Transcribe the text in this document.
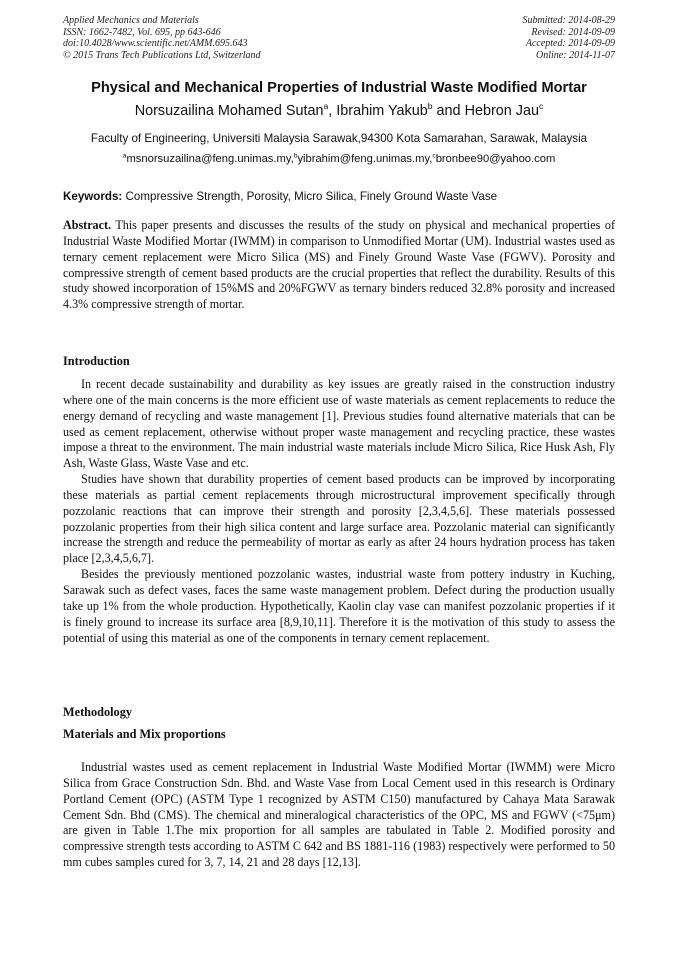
Applied Mechanics and Materials
ISSN: 1662-7482, Vol. 695, pp 643-646
doi:10.4028/www.scientific.net/AMM.695.643
© 2015 Trans Tech Publications Ltd, Switzerland
Submitted: 2014-08-29
Revised: 2014-09-09
Accepted: 2014-09-09
Online: 2014-11-07
Physical and Mechanical Properties of Industrial Waste Modified Mortar
Norsuzailina Mohamed Sutan$^a$, Ibrahim Yakub$^b$ and Hebron Jau$^c$
Faculty of Engineering, Universiti Malaysia Sarawak,94300 Kota Samarahan, Sarawak, Malaysia
$^a$msnorsuzailina@feng.unimas.my,$^b$yibrahim@feng.unimas.my,$^c$bronbee90@yahoo.com
Keywords: Compressive Strength, Porosity, Micro Silica, Finely Ground Waste Vase
Abstract. This paper presents and discusses the results of the study on physical and mechanical properties of Industrial Waste Modified Mortar (IWMM) in comparison to Unmodified Mortar (UM). Industrial wastes used as ternary cement replacement were Micro Silica (MS) and Finely Ground Waste Vase (FGWV). Porosity and compressive strength of cement based products are the crucial properties that reflect the durability. Results of this study showed incorporation of 15%MS and 20%FGWV as ternary binders reduced 32.8% porosity and increased 4.3% compressive strength of mortar.
Introduction

In recent decade sustainability and durability as key issues are greatly raised in the construction industry where one of the main concerns is the more efficient use of waste materials as cement replacements to reduce the energy demand of recycling and waste management [1]. Previous studies found alternative materials that can be used as cement replacement, otherwise without proper waste management and recycling practice, these wastes impose a threat to the environment. The main industrial waste materials include Micro Silica, Rice Husk Ash, Fly Ash, Waste Glass, Waste Vase and etc.

Studies have shown that durability properties of cement based products can be improved by incorporating these materials as partial cement replacements through microstructural improvement specifically through pozzolanic reactions that can improve their strength and porosity [2,3,4,5,6]. These materials possessed pozzolanic properties from their high silica content and large surface area. Pozzolanic material can significantly increase the strength and reduce the permeability of mortar as early as after 24 hours hydration process has taken place [2,3,4,5,6,7].

Besides the previously mentioned pozzolanic wastes, industrial waste from pottery industry in Kuching, Sarawak such as defect vases, faces the same waste management problem. Defect during the production usually take up 1% from the whole production. Hypothetically, Kaolin clay vase can manifest pozzolanic properties if it is finely ground to increase its surface area [8,9,10,11]. Therefore it is the motivation of this study to assess the potential of using this material as one of the components in ternary cement replacement.

Methodology
Materials and Mix proportions

Industrial wastes used as cement replacement in Industrial Waste Modified Mortar (IWMM) were Micro Silica from Grace Construction Sdn. Bhd. and Waste Vase from Local Cement used in this research is Ordinary Portland Cement (OPC) (ASTM Type 1 recognized by ASTM C150) manufactured by Cahaya Mata Sarawak Cement Sdn. Bhd (CMS). The chemical and mineralogical characteristics of the OPC, MS and FGWV (<75μm) are given in Table 1.The mix proportion for all samples are tabulated in Table 2. Modified porosity and compressive strength tests according to ASTM C 642 and BS 1881-116 (1983) respectively were performed to 50 mm cubes samples cured for 3, 7, 14, 21 and 28 days [12,13].
